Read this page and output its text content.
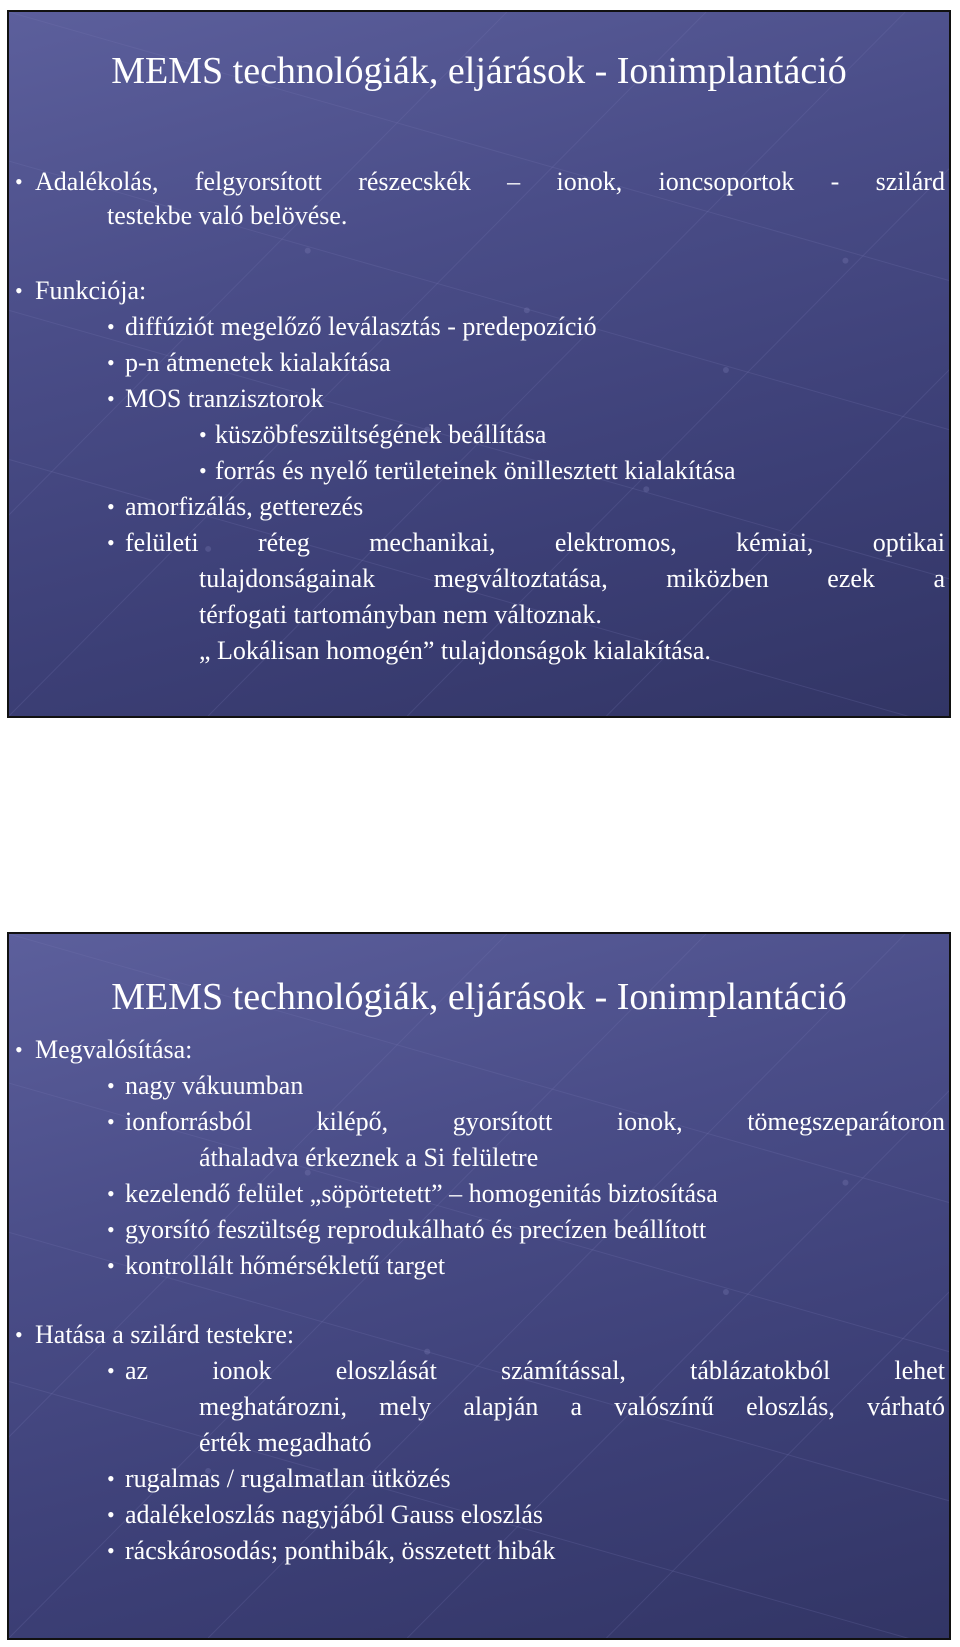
MEMS technológiák, eljárások - Ionimplantáció
• Adalékolás, felgyorsított részecskék – ionok, ioncsoportok - szilárd
testekbe való belövése.
• Funkciója:
• diffúziót megelőző leválasztás - predepozíció
• p-n átmenetek kialakítása
• MOS tranzisztorok
• küszöbfeszültségének beállítása
• forrás és nyelő területeinek önillesztett kialakítása
• amorfizálás, getterezés
• felületi réteg mechanikai, elektromos, kémiai, optikai
tulajdonságainak megváltoztatása, miközben ezek a
térfogati tartományban nem változnak.
„ Lokálisan homogén” tulajdonságok kialakítása.
MEMS technológiák, eljárások - Ionimplantáció
• Megvalósítása:
• nagy vákuumban
• ionforrásból kilépő, gyorsított ionok, tömegszeparátoron
áthaladva érkeznek a Si felületre
• kezelendő felület „söpörtetett” – homogenitás biztosítása
• gyorsító feszültség reprodukálható és precízen beállított
• kontrollált hőmérsékletű target
• Hatása a szilárd testekre:
• az ionok eloszlását számítással, táblázatokból lehet
meghatározni, mely alapján a valószínű eloszlás, várható
érték megadható
• rugalmas / rugalmatlan ütközés
• adalékeloszlás nagyjából Gauss eloszlás
• rácskárosodás; ponthibák, összetett hibák
